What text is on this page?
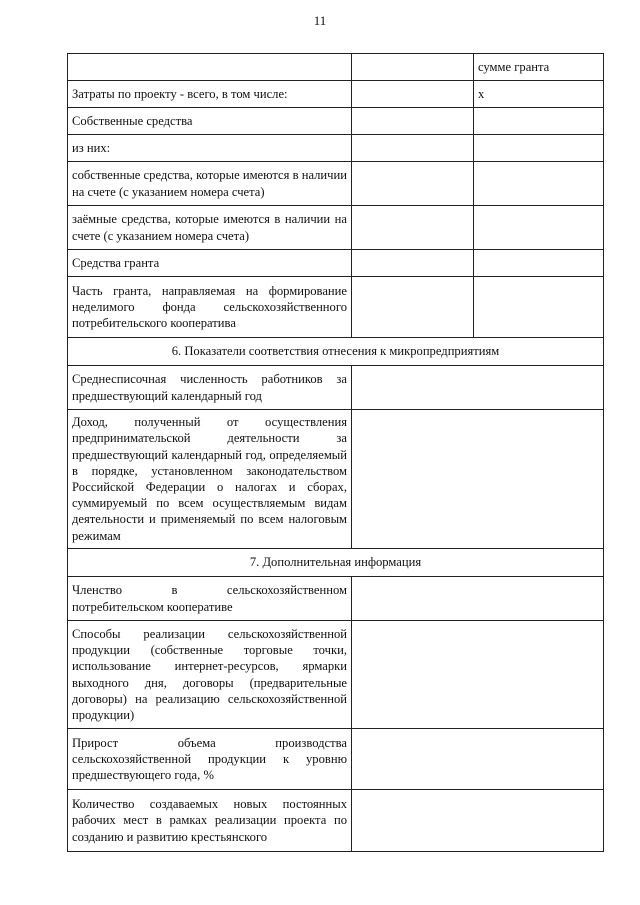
11
		сумме гранта
Затраты по проекту - всего, в том числе:		x
Собственные средства		
из них:		
собственные средства, которые имеются в наличии на счете (с указанием номера счета)		
заёмные средства, которые имеются в наличии на счете (с указанием номера счета)		
Средства гранта		
Часть гранта, направляемая на формирование неделимого фонда сельскохозяйственного потребительского кооператива		
6. Показатели соответствия отнесения к микропредприятиям		
Среднесписочная численность работников за предшествующий календарный год		
Доход, полученный от осуществления предпринимательской деятельности за предшествующий календарный год, определяемый в порядке, установленном законодательством Российской Федерации о налогах и сборах, суммируемый по всем осуществляемым видам деятельности и применяемый по всем налоговым режимам		
7. Дополнительная информация		
Членство в сельскохозяйственном потребительском кооперативе		
Способы реализации сельскохозяйственной продукции (собственные торговые точки, использование интернет-ресурсов, ярмарки выходного дня, договоры (предварительные договоры) на реализацию сельскохозяйственной продукции)		
Прирост объема производства сельскохозяйственной продукции к уровню предшествующего года, %		
Количество создаваемых новых постоянных рабочих мест в рамках реализации проекта по созданию и развитию крестьянского		
